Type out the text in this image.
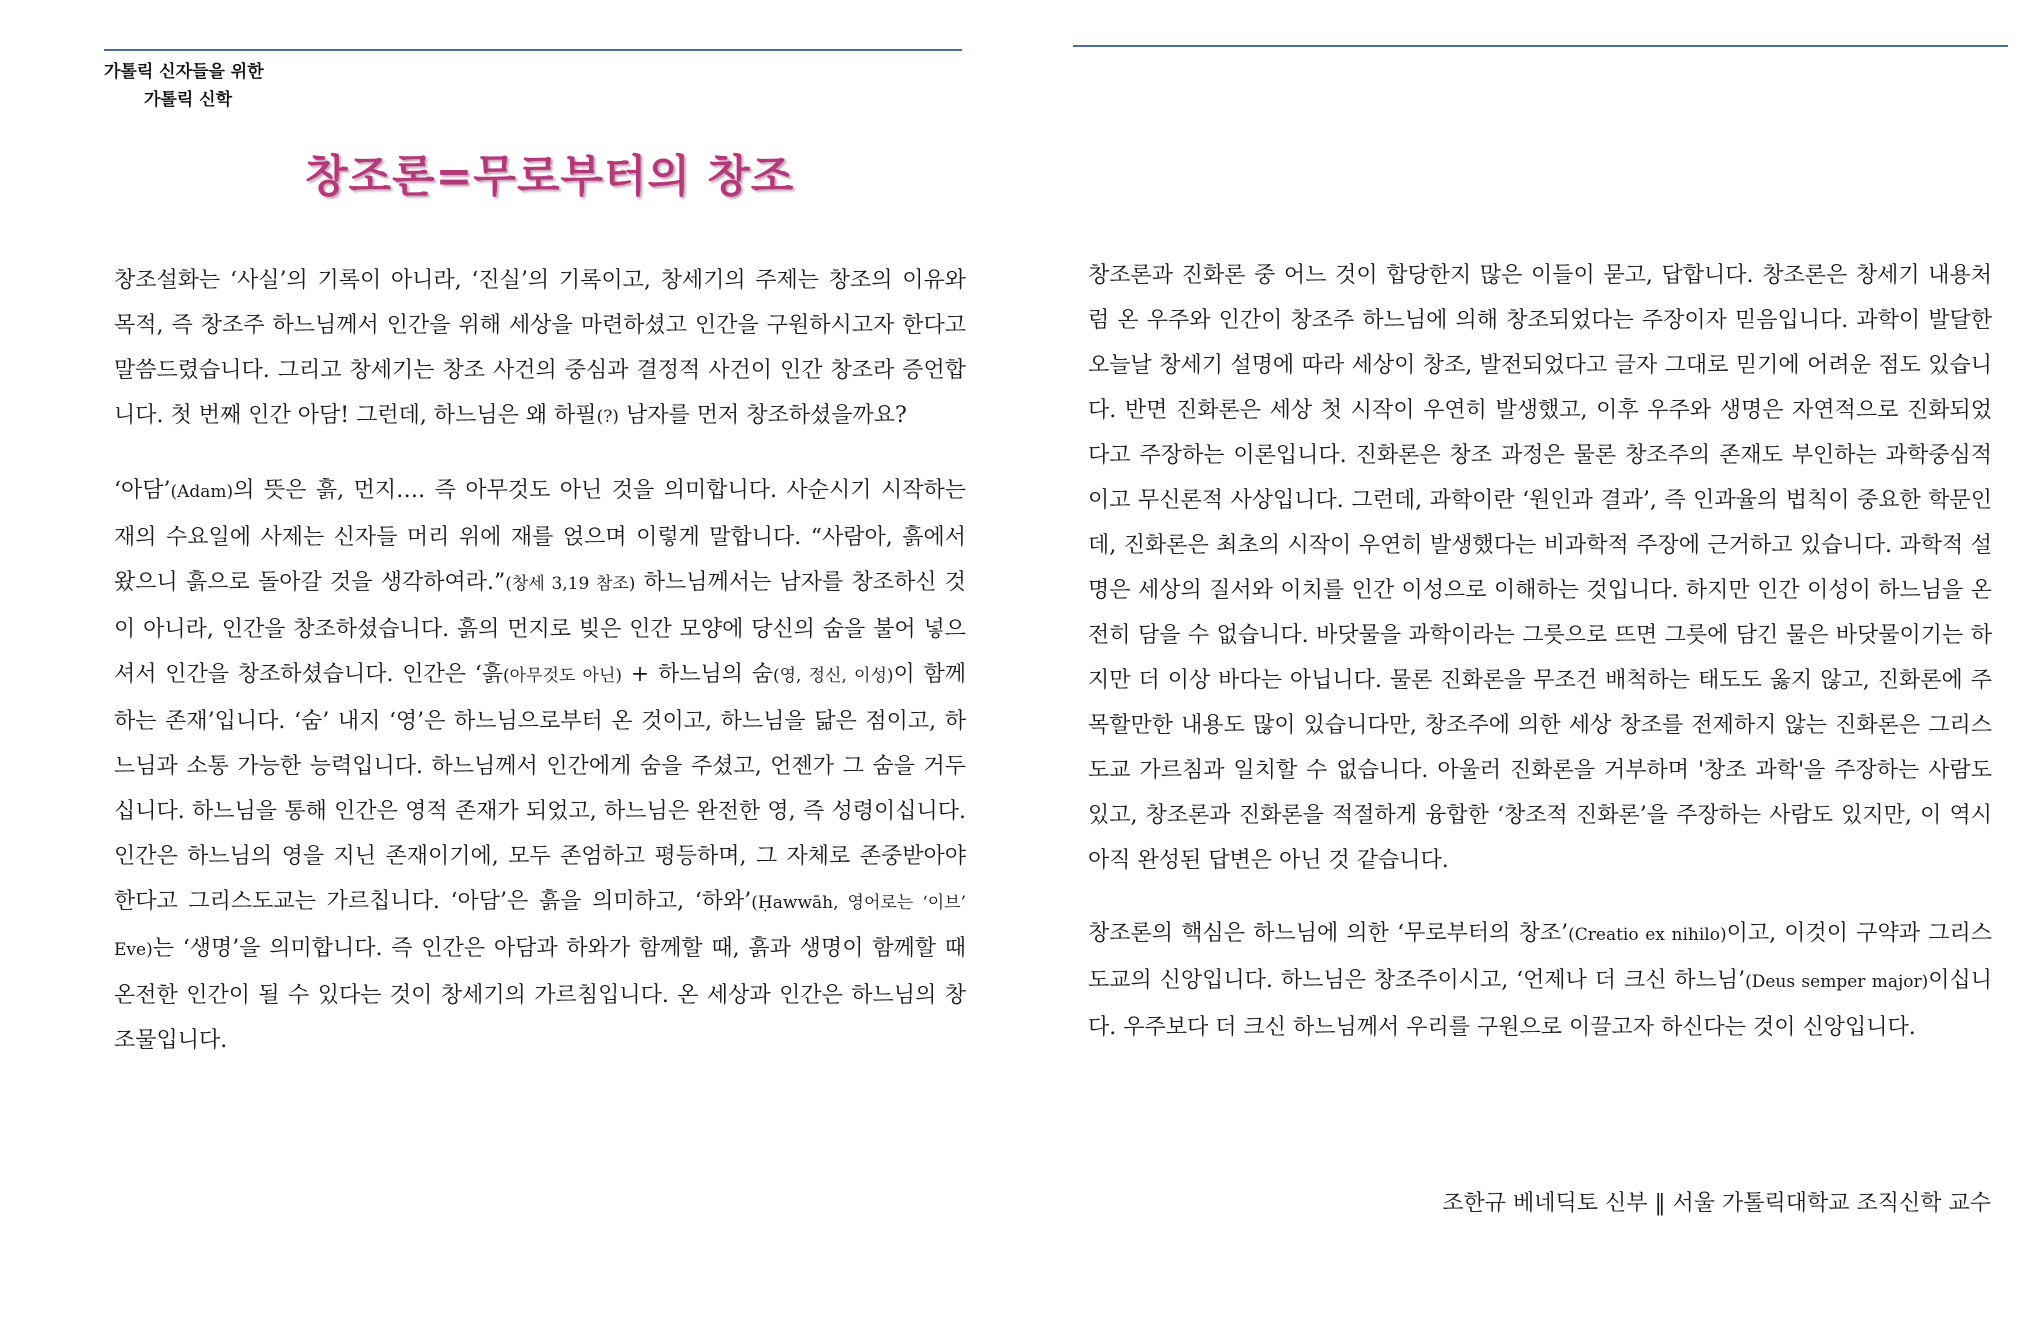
가톨릭 신자들을 위한
가톨릭 신학
창조론=무로부터의 창조

창조설화는 ‘사실’의 기록이 아니라, ‘진실’의 기록이고, 창세기의 주제는 창조의 이유와 목적, 즉 창조주 하느님께서 인간을 위해 세상을 마련하셨고 인간을 구원하시고자 한다고 말씀드렸습니다. 그리고 창세기는 창조 사건의 중심과 결정적 사건이 인간 창조라 증언합니다. 첫 번째 인간 아담! 그런데, 하느님은 왜 하필(?) 남자를 먼저 창조하셨을까요?

‘아담’(Adam)의 뜻은 흙, 먼지…. 즉 아무것도 아닌 것을 의미합니다. 사순시기 시작하는 재의 수요일에 사제는 신자들 머리 위에 재를 얹으며 이렇게 말합니다. “사람아, 흙에서 왔으니 흙으로 돌아갈 것을 생각하여라.”(창세 3,19 참조) 하느님께서는 남자를 창조하신 것이 아니라, 인간을 창조하셨습니다. 흙의 먼지로 빚은 인간 모양에 당신의 숨을 불어 넣으셔서 인간을 창조하셨습니다. 인간은 ‘흙(아무것도 아닌) + 하느님의 숨(영, 정신, 이성)이 함께하는 존재’입니다. ‘숨’ 내지 ‘영’은 하느님으로부터 온 것이고, 하느님을 닮은 점이고, 하느님과 소통 가능한 능력입니다. 하느님께서 인간에게 숨을 주셨고, 언젠가 그 숨을 거두십니다. 하느님을 통해 인간은 영적 존재가 되었고, 하느님은 완전한 영, 즉 성령이십니다. 인간은 하느님의 영을 지닌 존재이기에, 모두 존엄하고 평등하며, 그 자체로 존중받아야 한다고 그리스도교는 가르칩니다. ‘아담’은 흙을 의미하고, ‘하와’(Ḥawwāh, 영어로는 ‘이브’ Eve)는 ‘생명’을 의미합니다. 즉 인간은 아담과 하와가 함께할 때, 흙과 생명이 함께할 때 온전한 인간이 될 수 있다는 것이 창세기의 가르침입니다. 온 세상과 인간은 하느님의 창조물입니다.

창조론과 진화론 중 어느 것이 합당한지 많은 이들이 묻고, 답합니다. 창조론은 창세기 내용처럼 온 우주와 인간이 창조주 하느님에 의해 창조되었다는 주장이자 믿음입니다. 과학이 발달한 오늘날 창세기 설명에 따라 세상이 창조, 발전되었다고 글자 그대로 믿기에 어려운 점도 있습니다. 반면 진화론은 세상 첫 시작이 우연히 발생했고, 이후 우주와 생명은 자연적으로 진화되었다고 주장하는 이론입니다. 진화론은 창조 과정은 물론 창조주의 존재도 부인하는 과학중심적이고 무신론적 사상입니다. 그런데, 과학이란 ‘원인과 결과’, 즉 인과율의 법칙이 중요한 학문인데, 진화론은 최초의 시작이 우연히 발생했다는 비과학적 주장에 근거하고 있습니다. 과학적 설명은 세상의 질서와 이치를 인간 이성으로 이해하는 것입니다. 하지만 인간 이성이 하느님을 온전히 담을 수 없습니다. 바닷물을 과학이라는 그릇으로 뜨면 그릇에 담긴 물은 바닷물이기는 하지만 더 이상 바다는 아닙니다. 물론 진화론을 무조건 배척하는 태도도 옳지 않고, 진화론에 주목할만한 내용도 많이 있습니다만, 창조주에 의한 세상 창조를 전제하지 않는 진화론은 그리스도교 가르침과 일치할 수 없습니다. 아울러 진화론을 거부하며 '창조 과학'을 주장하는 사람도 있고, 창조론과 진화론을 적절하게 융합한 ‘창조적 진화론’을 주장하는 사람도 있지만, 이 역시 아직 완성된 답변은 아닌 것 같습니다.

창조론의 핵심은 하느님에 의한 ‘무로부터의 창조’(Creatio ex nihilo)이고, 이것이 구약과 그리스도교의 신앙입니다. 하느님은 창조주이시고, ‘언제나 더 크신 하느님’(Deus semper major)이십니다. 우주보다 더 크신 하느님께서 우리를 구원으로 이끌고자 하신다는 것이 신앙입니다.

조한규 베네딕토 신부 ‖ 서울 가톨릭대학교 조직신학 교수
